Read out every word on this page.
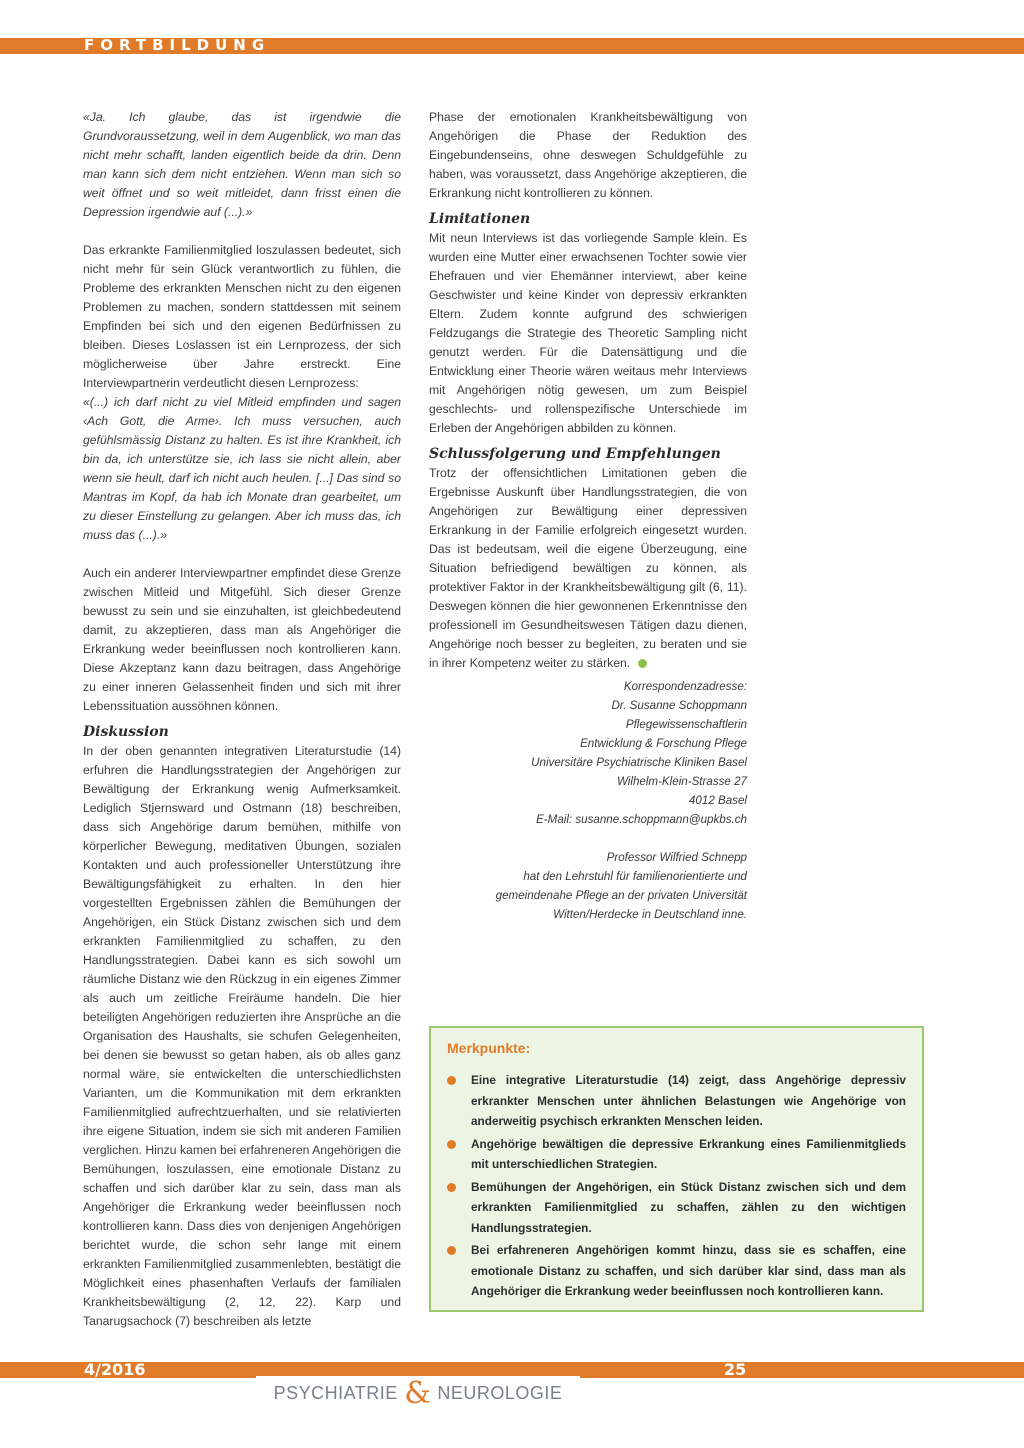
FORTBILDUNG

«Ja. Ich glaube, das ist irgendwie die Grundvoraussetzung, weil in dem Augenblick, wo man das nicht mehr schafft, landen eigentlich beide da drin. Denn man kann sich dem nicht entziehen. Wenn man sich so weit öffnet und so weit mitleidet, dann frisst einen die Depression irgendwie auf (...).»

Das erkrankte Familienmitglied loszulassen bedeutet, sich nicht mehr für sein Glück verantwortlich zu fühlen, die Probleme des erkrankten Menschen nicht zu den eigenen Problemen zu machen, sondern stattdessen mit seinem Empfinden bei sich und den eigenen Bedürfnissen zu bleiben. Dieses Loslassen ist ein Lernprozess, der sich möglicherweise über Jahre erstreckt. Eine Interviewpartnerin verdeutlicht diesen Lernprozess:

«(...) ich darf nicht zu viel Mitleid empfinden und sagen ‹Ach Gott, die Arme›. Ich muss versuchen, auch gefühlsmässig Distanz zu halten. Es ist ihre Krankheit, ich bin da, ich unterstütze sie, ich lass sie nicht allein, aber wenn sie heult, darf ich nicht auch heulen. [...] Das sind so Mantras im Kopf, da hab ich Monate dran gearbeitet, um zu dieser Einstellung zu gelangen. Aber ich muss das, ich muss das (...).»

Auch ein anderer Interviewpartner empfindet diese Grenze zwischen Mitleid und Mitgefühl. Sich dieser Grenze bewusst zu sein und sie einzuhalten, ist gleichbedeutend damit, zu akzeptieren, dass man als Angehöriger die Erkrankung weder beeinflussen noch kontrollieren kann. Diese Akzeptanz kann dazu beitragen, dass Angehörige zu einer inneren Gelassenheit finden und sich mit ihrer Lebenssituation aussöhnen können.

Diskussion

In der oben genannten integrativen Literaturstudie (14) erfuhren die Handlungsstrategien der Angehörigen zur Bewältigung der Erkrankung wenig Aufmerksamkeit. Lediglich Stjernsward und Ostmann (18) beschreiben, dass sich Angehörige darum bemühen, mithilfe von körperlicher Bewegung, meditativen Übungen, sozialen Kontakten und auch professioneller Unterstützung ihre Bewältigungsfähigkeit zu erhalten. In den hier vorgestellten Ergebnissen zählen die Bemühungen der Angehörigen, ein Stück Distanz zwischen sich und dem erkrankten Familienmitglied zu schaffen, zu den Handlungsstrategien. Dabei kann es sich sowohl um räumliche Distanz wie den Rückzug in ein eigenes Zimmer als auch um zeitliche Freiräume handeln. Die hier beteiligten Angehörigen reduzierten ihre Ansprüche an die Organisation des Haushalts, sie schufen Gelegenheiten, bei denen sie bewusst so getan haben, als ob alles ganz normal wäre, sie entwickelten die unterschiedlichsten Varianten, um die Kommunikation mit dem erkrankten Familienmitglied aufrechtzuerhalten, und sie relativierten ihre eigene Situation, indem sie sich mit anderen Familien verglichen. Hinzu kamen bei erfahreneren Angehörigen die Bemühungen, loszulassen, eine emotionale Distanz zu schaffen und sich darüber klar zu sein, dass man als Angehöriger die Erkrankung weder beeinflussen noch kontrollieren kann. Dass dies von denjenigen Angehörigen berichtet wurde, die schon sehr lange mit einem erkrankten Familienmitglied zusammenlebten, bestätigt die Möglichkeit eines phasenhaften Verlaufs der familialen Krankheitsbewältigung (2, 12, 22). Karp und Tanarugsachock (7) beschreiben als letzte

Phase der emotionalen Krankheitsbewältigung von Angehörigen die Phase der Reduktion des Eingebundenseins, ohne deswegen Schuldgefühle zu haben, was voraussetzt, dass Angehörige akzeptieren, die Erkrankung nicht kontrollieren zu können.

Limitationen

Mit neun Interviews ist das vorliegende Sample klein. Es wurden eine Mutter einer erwachsenen Tochter sowie vier Ehefrauen und vier Ehemänner interviewt, aber keine Geschwister und keine Kinder von depressiv erkrankten Eltern. Zudem konnte aufgrund des schwierigen Feldzugangs die Strategie des Theoretic Sampling nicht genutzt werden. Für die Datensättigung und die Entwicklung einer Theorie wären weitaus mehr Interviews mit Angehörigen nötig gewesen, um zum Beispiel geschlechts- und rollenspezifische Unterschiede im Erleben der Angehörigen abbilden zu können.

Schlussfolgerung und Empfehlungen

Trotz der offensichtlichen Limitationen geben die Ergebnisse Auskunft über Handlungsstrategien, die von Angehörigen zur Bewältigung einer depressiven Erkrankung in der Familie erfolgreich eingesetzt wurden. Das ist bedeutsam, weil die eigene Überzeugung, eine Situation befriedigend bewältigen zu können, als protektiver Faktor in der Krankheitsbewältigung gilt (6, 11). Deswegen können die hier gewonnenen Erkenntnisse den professionell im Gesundheitswesen Tätigen dazu dienen, Angehörige noch besser zu begleiten, zu beraten und sie in ihrer Kompetenz weiter zu stärken.

Korrespondenzadresse:
Dr. Susanne Schoppmann
Pflegewissenschaftlerin
Entwicklung & Forschung Pflege
Universitäre Psychiatrische Kliniken Basel
Wilhelm-Klein-Strasse 27
4012 Basel
E-Mail: susanne.schoppmann@upkbs.ch
Professor Wilfried Schnepp
hat den Lehrstuhl für familienorientierte und
gemeindenahe Pflege an der privaten Universität
Witten/Herdecke in Deutschland inne.
Merkpunkte:
Eine integrative Literaturstudie (14) zeigt, dass Angehörige depressiv erkrankter Menschen unter ähnlichen Belastungen wie Angehörige von anderweitig psychisch erkrankten Menschen leiden.
Angehörige bewältigen die depressive Erkrankung eines Familienmitglieds mit unterschiedlichen Strategien.
Bemühungen der Angehörigen, ein Stück Distanz zwischen sich und dem erkrankten Familienmitglied zu schaffen, zählen zu den wichtigen Handlungsstrategien.
Bei erfahreneren Angehörigen kommt hinzu, dass sie es schaffen, eine emotionale Distanz zu schaffen, und sich darüber klar sind, dass man als Angehöriger die Erkrankung weder beeinflussen noch kontrollieren kann.
4/2016	25
PSYCHIATRIE & NEUROLOGIE
